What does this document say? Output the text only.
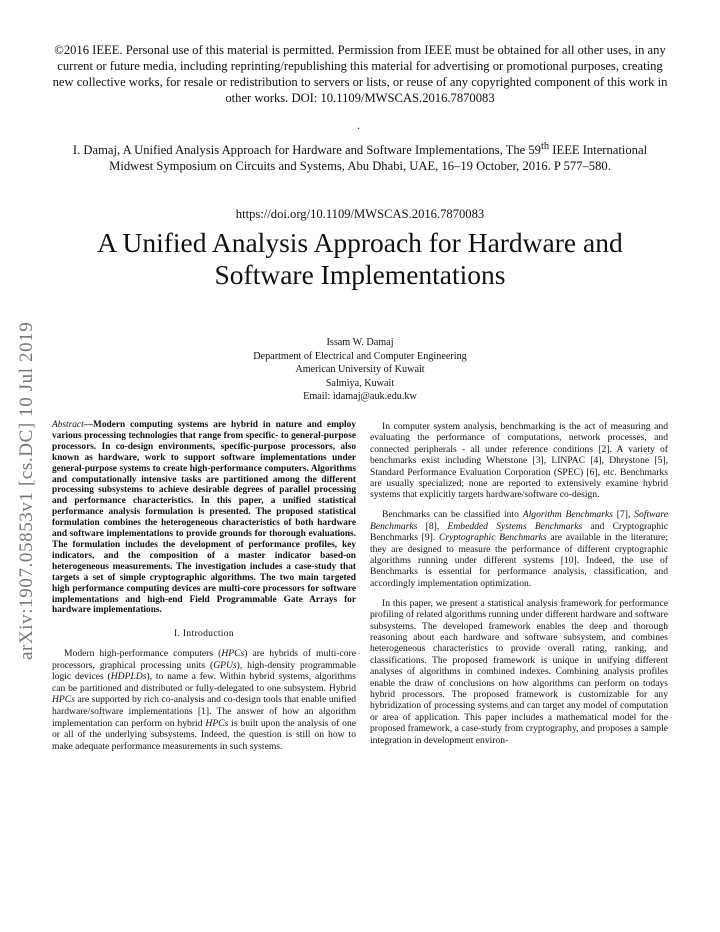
©2016 IEEE. Personal use of this material is permitted. Permission from IEEE must be obtained for all other uses, in any current or future media, including reprinting/republishing this material for advertising or promotional purposes, creating new collective works, for resale or redistribution to servers or lists, or reuse of any copyrighted component of this work in other works. DOI: 10.1109/MWSCAS.2016.7870083
.
I. Damaj, A Unified Analysis Approach for Hardware and Software Implementations, The 59th IEEE International Midwest Symposium on Circuits and Systems, Abu Dhabi, UAE, 16–19 October, 2016. P 577–580.
https://doi.org/10.1109/MWSCAS.2016.7870083
A Unified Analysis Approach for Hardware and
Software Implementations
arXiv:1907.05853v1 [cs.DC] 10 Jul 2019	Issam W. Damaj
Department of Electrical and Computer Engineering
American University of Kuwait
Salmiya, Kuwait
Email: idamaj@auk.edu.kw
Abstract—Modern computing systems are hybrid in nature and employ various processing technologies that range from specific- to general-purpose processors. In co-design environments, specific-purpose processors, also known as hardware, work to support software implementations under general-purpose systems to create high-performance computers. Algorithms and computationally intensive tasks are partitioned among the different processing subsystems to achieve desirable degrees of parallel processing and performance characteristics. In this paper, a unified statistical performance analysis formulation is presented. The proposed statistical formulation combines the heterogeneous characteristics of both hardware and software implementations to provide grounds for thorough evaluations. The formulation includes the development of performance profiles, key indicators, and the composition of a master indicator based-on heterogeneous measurements. The investigation includes a case-study that targets a set of simple cryptographic algorithms. The two main targeted high performance computing devices are multi-core processors for software implementations and high-end Field Programmable Gate Arrays for hardware implementations.
I. Introduction
Modern high-performance computers (HPCs) are hybrids of multi-core processors, graphical processing units (GPUs), high-density programmable logic devices (HDPLDs), to name a few. Within hybrid systems, algorithms can be partitioned and distributed or fully-delegated to one subsystem. Hybrid HPCs are supported by rich co-analysis and co-design tools that enable unified hardware/software implementations [1]. The answer of how an algorithm implementation can perform on hybrid HPCs is built upon the analysis of one or all of the underlying subsystems. Indeed, the question is still on how to make adequate performance measurements in such systems.

In computer system analysis, benchmarking is the act of measuring and evaluating the performance of computations, network processes, and connected peripherals - all under reference conditions [2]. A variety of benchmarks exist including Whetstone [3], LINPAC [4], Dhrystone [5], Standard Performance Evaluation Corporation (SPEC) [6], etc. Benchmarks are usually specialized; none are reported to extensively examine hybrid systems that explicitly targets hardware/software co-design.

Benchmarks can be classified into Algorithm Benchmarks [7], Software Benchmarks [8], Embedded Systems Benchmarks and Cryptographic Benchmarks [9]. Cryptographic Benchmarks are available in the literature; they are designed to measure the performance of different cryptographic algorithms running under different systems [10]. Indeed, the use of Benchmarks is essential for performance analysis, classification, and accordingly implementation optimization.

In this paper, we present a statistical analysis framework for performance profiling of related algorithms running under different hardware and software subsystems. The developed framework enables the deep and thorough reasoning about each hardware and software subsystem, and combines heterogeneous characteristics to provide overall rating, ranking, and classifications. The proposed framework is unique in unifying different analyses of algorithms in combined indexes. Combining analysis profiles enable the draw of conclusions on how algorithms can perform on todays hybrid processors. The proposed framework is customizable for any hybridization of processing systems and can target any model of computation or area of application. This paper includes a mathematical model for the proposed framework, a case-study from cryptography, and proposes a sample integration in development environ-
